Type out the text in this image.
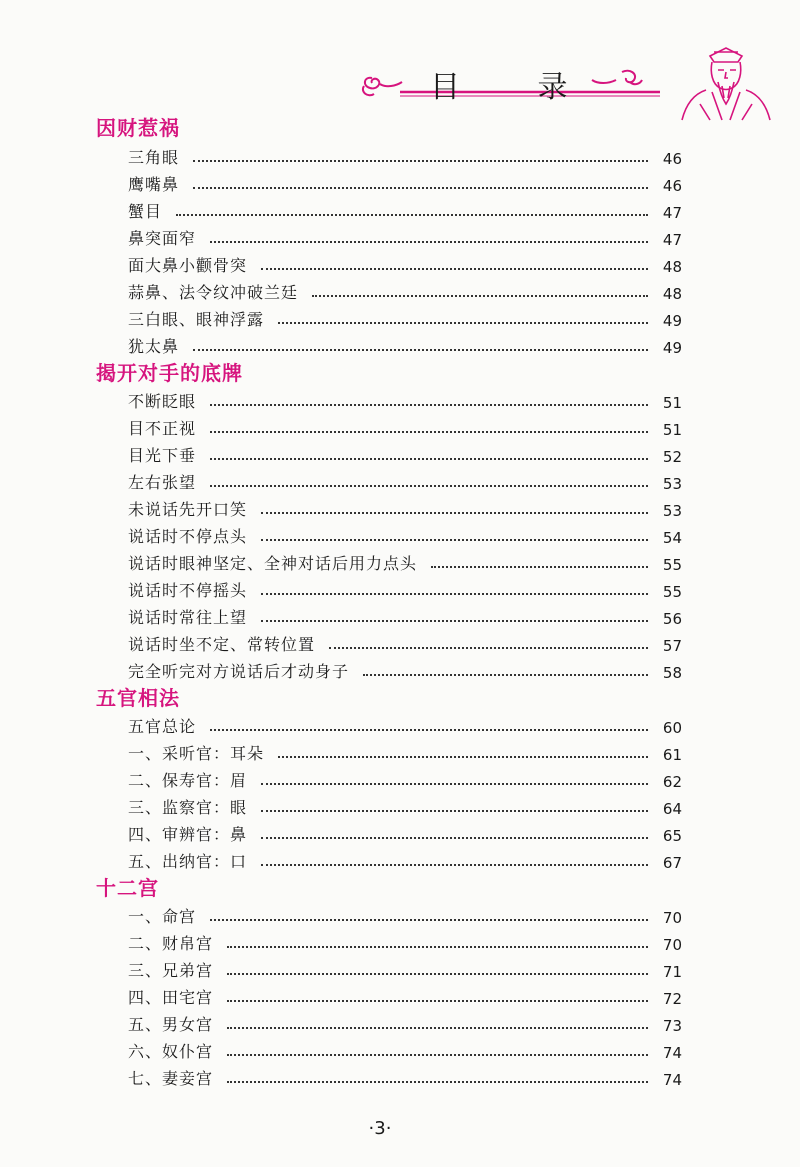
目 录
因财惹祸
三角眼	46
鹰嘴鼻	46
蟹目	47
鼻突面窄	47
面大鼻小颧骨突	48
蒜鼻、法令纹冲破兰廷	48
三白眼、眼神浮露	49
犹太鼻	49
揭开对手的底牌
不断眨眼	51
目不正视	51
目光下垂	52
左右张望	53
未说话先开口笑	53
说话时不停点头	54
说话时眼神坚定、全神对话后用力点头	55
说话时不停摇头	55
说话时常往上望	56
说话时坐不定、常转位置	57
完全听完对方说话后才动身子	58
五官相法
五官总论	60
一、采听官：耳朵	61
二、保寿官：眉	62
三、监察官：眼	64
四、审辨官：鼻	65
五、出纳官：口	67
十二宫
一、命宫	70
二、财帛宫	70
三、兄弟宫	71
四、田宅宫	72
五、男女宫	73
六、奴仆宫	74
七、妻妾宫	74
·3·
